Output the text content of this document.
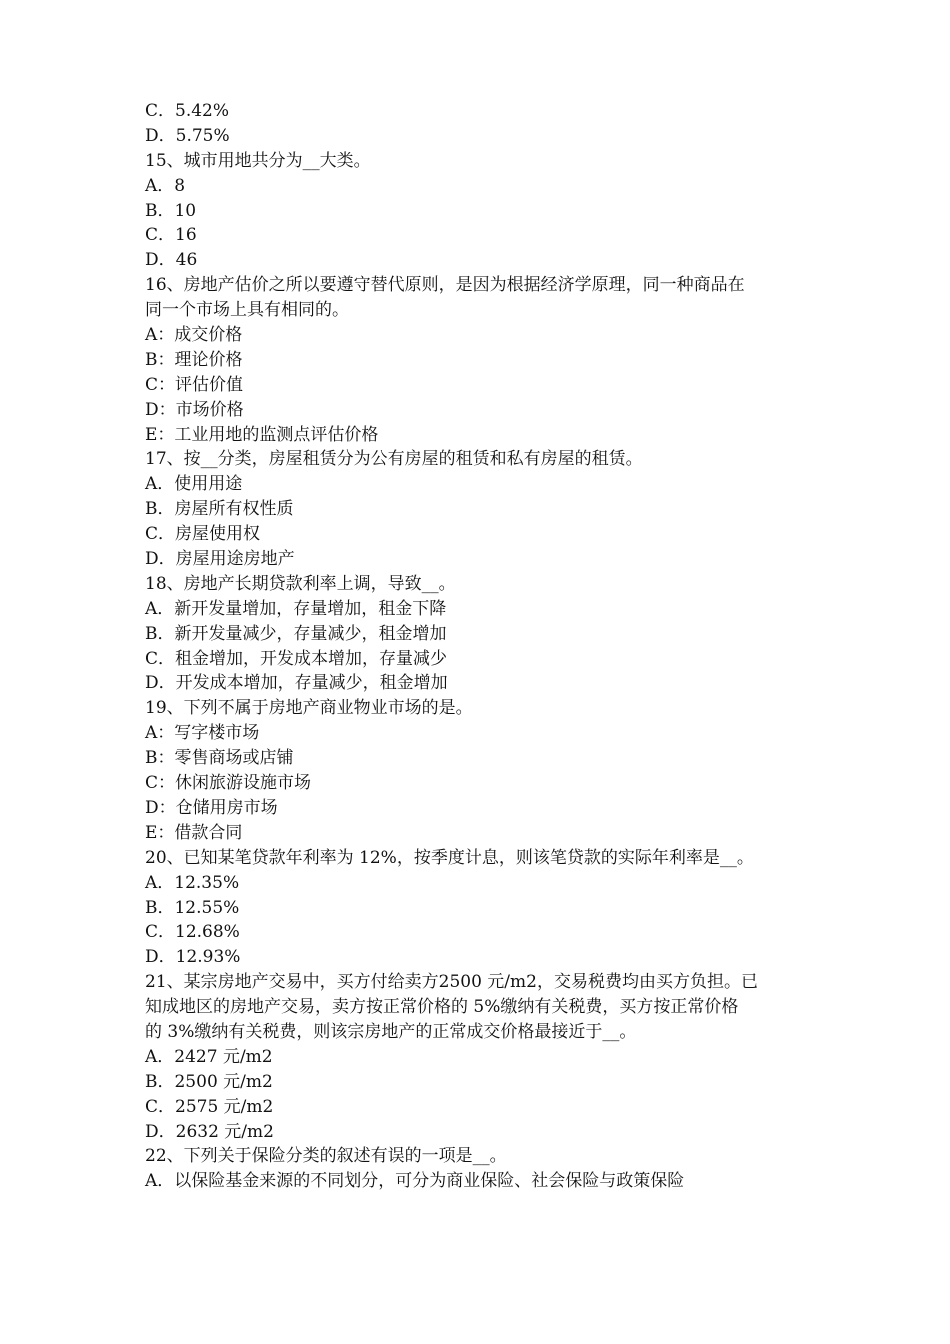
C．5.42%
D．5.75%
15、城市用地共分为__大类。
A．8
B．10
C．16
D．46
16、房地产估价之所以要遵守替代原则，是因为根据经济学原理，同一种商品在
同一个市场上具有相同的。
A：成交价格
B：理论价格
C：评估价值
D：市场价格
E：工业用地的监测点评估价格
17、按__分类，房屋租赁分为公有房屋的租赁和私有房屋的租赁。
A．使用用途
B．房屋所有权性质
C．房屋使用权
D．房屋用途房地产
18、房地产长期贷款利率上调，导致__。
A．新开发量增加，存量增加，租金下降
B．新开发量减少，存量减少，租金增加
C．租金增加，开发成本增加，存量减少
D．开发成本增加，存量减少，租金增加
19、下列不属于房地产商业物业市场的是。
A：写字楼市场
B：零售商场或店铺
C：休闲旅游设施市场
D：仓储用房市场
E：借款合同
20、已知某笔贷款年利率为 12%，按季度计息，则该笔贷款的实际年利率是__。
A．12.35%
B．12.55%
C．12.68%
D．12.93%
21、某宗房地产交易中，买方付给卖方2500 元/m2，交易税费均由买方负担。已
知成地区的房地产交易，卖方按正常价格的 5%缴纳有关税费，买方按正常价格
的 3%缴纳有关税费，则该宗房地产的正常成交价格最接近于__。
A．2427 元/m2
B．2500 元/m2
C．2575 元/m2
D．2632 元/m2
22、下列关于保险分类的叙述有误的一项是__。
A．以保险基金来源的不同划分，可分为商业保险、社会保险与政策保险
